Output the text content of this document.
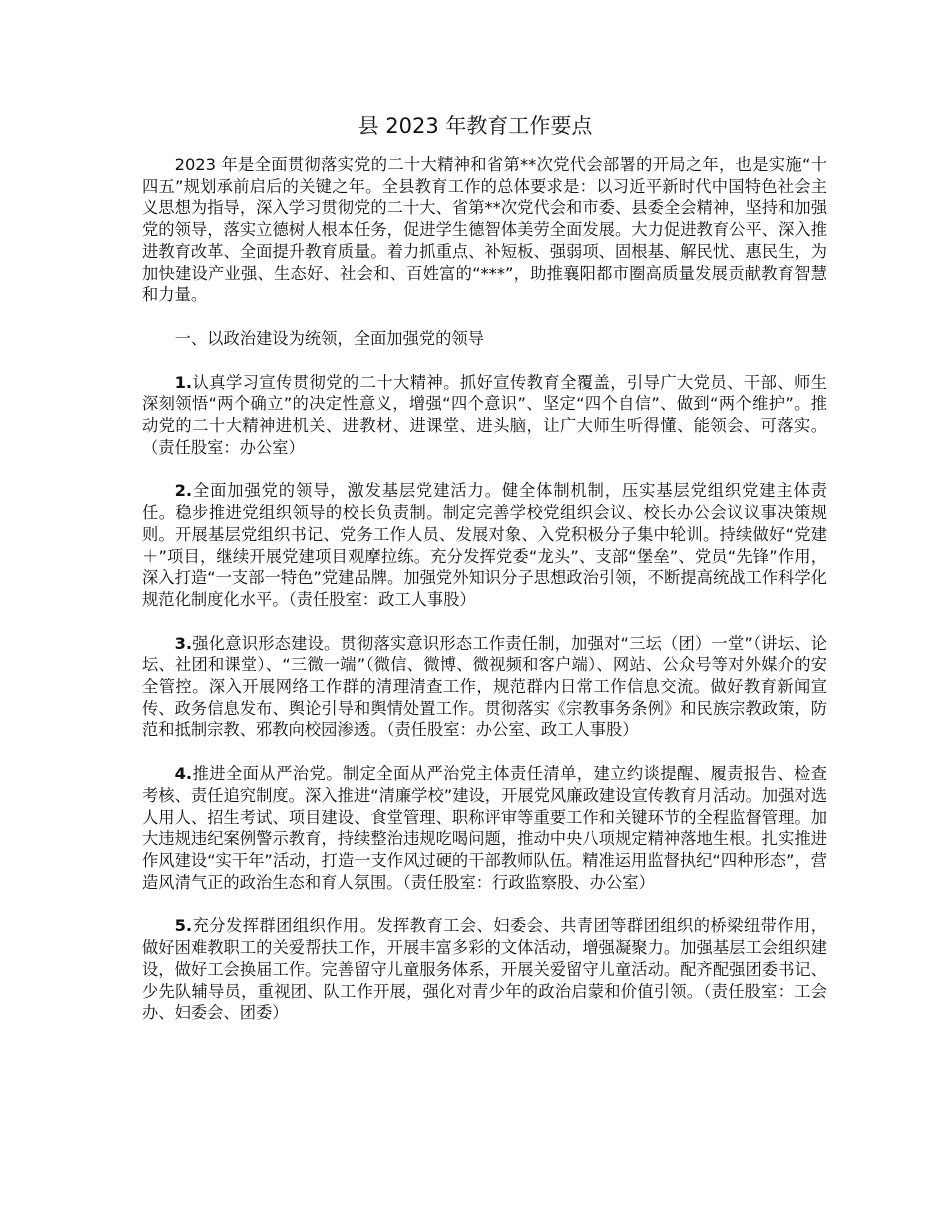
县 2023 年教育工作要点

2023 年是全面贯彻落实党的二十大精神和省第**次党代会部署的开局之年，也是实施“十四五”规划承前启后的关键之年。全县教育工作的总体要求是：以习近平新时代中国特色社会主义思想为指导，深入学习贯彻党的二十大、省第**次党代会和市委、县委全会精神，坚持和加强党的领导，落实立德树人根本任务，促进学生德智体美劳全面发展。大力促进教育公平、深入推进教育改革、全面提升教育质量。着力抓重点、补短板、强弱项、固根基、解民忧、惠民生，为加快建设产业强、生态好、社会和、百姓富的“***”，助推襄阳都市圈高质量发展贡献教育智慧和力量。

一、以政治建设为统领，全面加强党的领导

1.认真学习宣传贯彻党的二十大精神。抓好宣传教育全覆盖，引导广大党员、干部、师生深刻领悟“两个确立”的决定性意义，增强“四个意识”、坚定“四个自信”、做到“两个维护”。推动党的二十大精神进机关、进教材、进课堂、进头脑，让广大师生听得懂、能领会、可落实。（责任股室：办公室）

2.全面加强党的领导，激发基层党建活力。健全体制机制，压实基层党组织党建主体责任。稳步推进党组织领导的校长负责制。制定完善学校党组织会议、校长办公会议议事决策规则。开展基层党组织书记、党务工作人员、发展对象、入党积极分子集中轮训。持续做好“党建＋”项目，继续开展党建项目观摩拉练。充分发挥党委“龙头”、支部“堡垒”、党员“先锋”作用，深入打造“一支部一特色”党建品牌。加强党外知识分子思想政治引领，不断提高统战工作科学化规范化制度化水平。（责任股室：政工人事股）

3.强化意识形态建设。贯彻落实意识形态工作责任制，加强对“三坛（团）一堂”（讲坛、论坛、社团和课堂）、“三微一端”（微信、微博、微视频和客户端）、网站、公众号等对外媒介的安全管控。深入开展网络工作群的清理清查工作，规范群内日常工作信息交流。做好教育新闻宣传、政务信息发布、舆论引导和舆情处置工作。贯彻落实《宗教事务条例》和民族宗教政策，防范和抵制宗教、邪教向校园渗透。（责任股室：办公室、政工人事股）

4.推进全面从严治党。制定全面从严治党主体责任清单，建立约谈提醒、履责报告、检查考核、责任追究制度。深入推进“清廉学校”建设，开展党风廉政建设宣传教育月活动。加强对选人用人、招生考试、项目建设、食堂管理、职称评审等重要工作和关键环节的全程监督管理。加大违规违纪案例警示教育，持续整治违规吃喝问题，推动中央八项规定精神落地生根。扎实推进作风建设“实干年”活动，打造一支作风过硬的干部教师队伍。精准运用监督执纪“四种形态”，营造风清气正的政治生态和育人氛围。（责任股室：行政监察股、办公室）

5.充分发挥群团组织作用。发挥教育工会、妇委会、共青团等群团组织的桥梁纽带作用，做好困难教职工的关爱帮扶工作，开展丰富多彩的文体活动，增强凝聚力。加强基层工会组织建设，做好工会换届工作。完善留守儿童服务体系，开展关爱留守儿童活动。配齐配强团委书记、少先队辅导员，重视团、队工作开展，强化对青少年的政治启蒙和价值引领。（责任股室：工会办、妇委会、团委）
